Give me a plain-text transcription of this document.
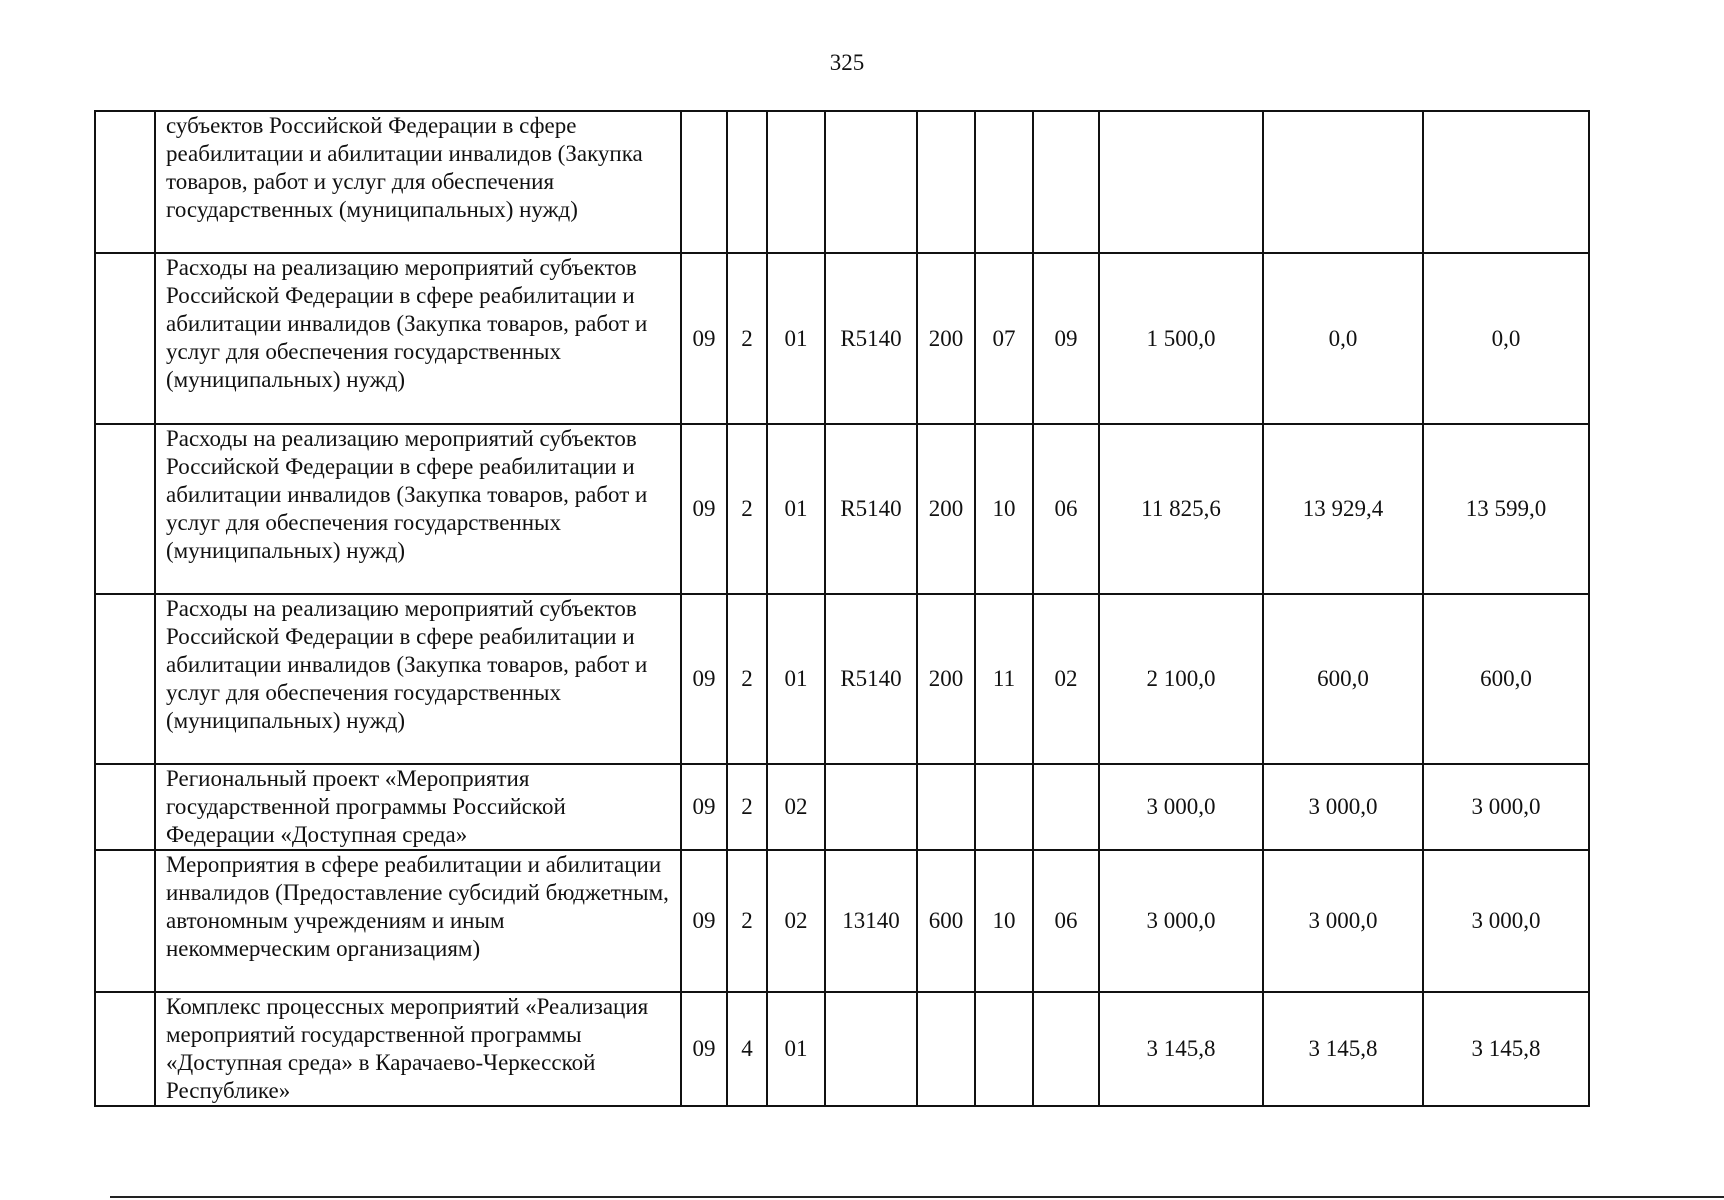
325
	субъектов Российской Федерации в сфере реабилитации и абилитации инвалидов (Закупка товаров, работ и услуг для обеспечения государственных (муниципальных) нужд)										
	Расходы на реализацию мероприятий субъектов Российской Федерации в сфере реабилитации и абилитации инвалидов (Закупка товаров, работ и услуг для обеспечения государственных (муниципальных) нужд)	09	2	01	R5140	200	07	09	1 500,0	0,0	0,0
	Расходы на реализацию мероприятий субъектов Российской Федерации в сфере реабилитации и абилитации инвалидов (Закупка товаров, работ и услуг для обеспечения государственных (муниципальных) нужд)	09	2	01	R5140	200	10	06	11 825,6	13 929,4	13 599,0
	Расходы на реализацию мероприятий субъектов Российской Федерации в сфере реабилитации и абилитации инвалидов (Закупка товаров, работ и услуг для обеспечения государственных (муниципальных) нужд)	09	2	01	R5140	200	11	02	2 100,0	600,0	600,0
	Региональный проект «Мероприятия государственной программы Российской Федерации «Доступная среда»	09	2	02					3 000,0	3 000,0	3 000,0
	Мероприятия в сфере реабилитации и абилитации инвалидов (Предоставление субсидий бюджетным, автономным учреждениям и иным некоммерческим организациям)	09	2	02	13140	600	10	06	3 000,0	3 000,0	3 000,0
	Комплекс процессных мероприятий «Реализация мероприятий государственной программы «Доступная среда» в Карачаево-Черкесской Республике»	09	4	01					3 145,8	3 145,8	3 145,8
